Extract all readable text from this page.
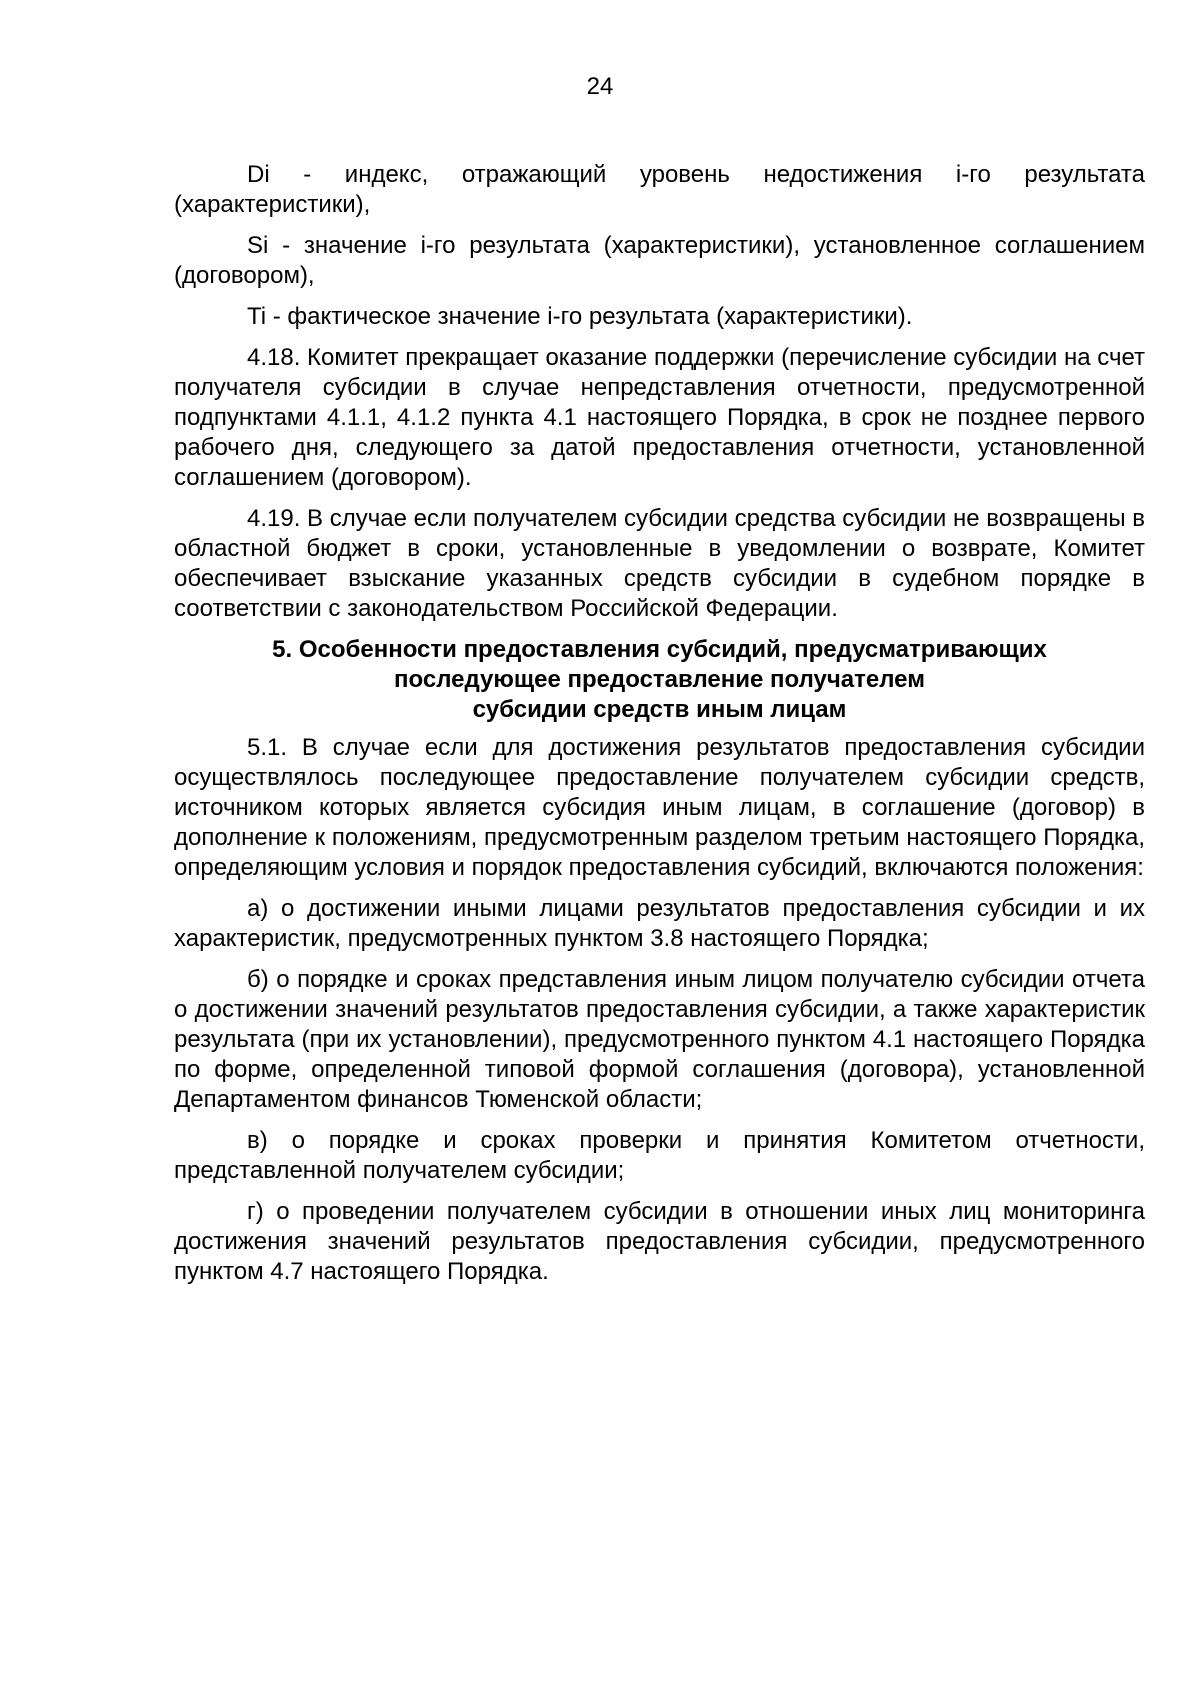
24

Di - индекс, отражающий уровень недостижения i-го результата (характеристики),

Si - значение i-го результата (характеристики), установленное соглашением (договором),

Ti - фактическое значение i-го результата (характеристики).

4.18. Комитет прекращает оказание поддержки (перечисление субсидии на счет получателя субсидии в случае непредставления отчетности, предусмотренной подпунктами 4.1.1, 4.1.2 пункта 4.1 настоящего Порядка, в срок не позднее первого рабочего дня, следующего за датой предоставления отчетности, установленной соглашением (договором).

4.19. В случае если получателем субсидии средства субсидии не возвращены в областной бюджет в сроки, установленные в уведомлении о возврате, Комитет обеспечивает взыскание указанных средств субсидии в судебном порядке в соответствии с законодательством Российской Федерации.

5. Особенности предоставления субсидий, предусматривающих
последующее предоставление получателем
субсидии средств иным лицам

5.1. В случае если для достижения результатов предоставления субсидии осуществлялось последующее предоставление получателем субсидии средств, источником которых является субсидия иным лицам, в соглашение (договор) в дополнение к положениям, предусмотренным разделом третьим настоящего Порядка, определяющим условия и порядок предоставления субсидий, включаются положения:

а) о достижении иными лицами результатов предоставления субсидии и их характеристик, предусмотренных пунктом 3.8 настоящего Порядка;

б) о порядке и сроках представления иным лицом получателю субсидии отчета о достижении значений результатов предоставления субсидии, а также характеристик результата (при их установлении), предусмотренного пунктом 4.1 настоящего Порядка по форме, определенной типовой формой соглашения (договора), установленной Департаментом финансов Тюменской области;

в) о порядке и сроках проверки и принятия Комитетом отчетности, представленной получателем субсидии;

г) о проведении получателем субсидии в отношении иных лиц мониторинга достижения значений результатов предоставления субсидии, предусмотренного пунктом 4.7 настоящего Порядка.
